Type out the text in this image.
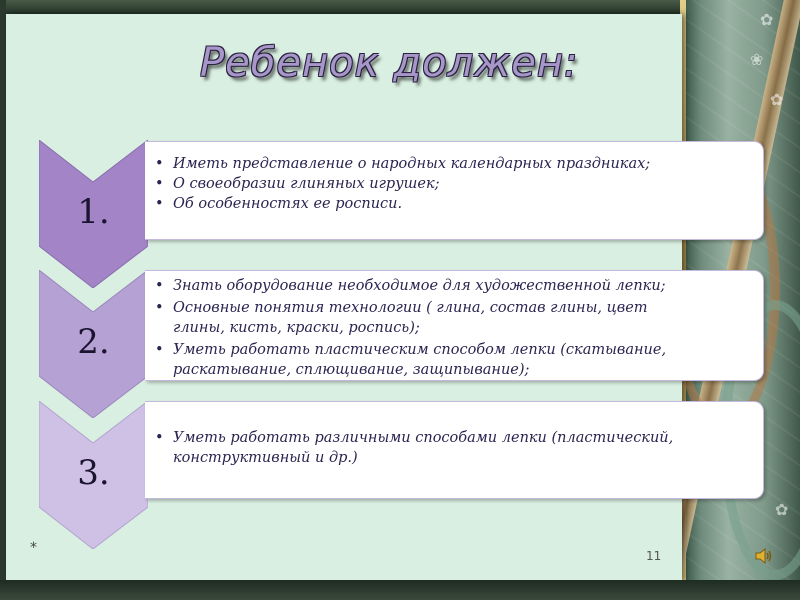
✿
❀
✿
✿
Ребенок должен:
1.
• Иметь представление о народных календарных праздниках;
• О своеобразии глиняных игрушек;
• Об особенностях ее росписи.
2.
• Знать оборудование необходимое для художественной лепки;
• Основные понятия технологии ( глина, состав глины, цвет
глины, кисть, краски, роспись);
• Уметь работать пластическим способом лепки (скатывание,
раскатывание, сплющивание, защипывание);
3.
• Уметь работать различными способами лепки (пластический,
конструктивный и др.)
*	11
